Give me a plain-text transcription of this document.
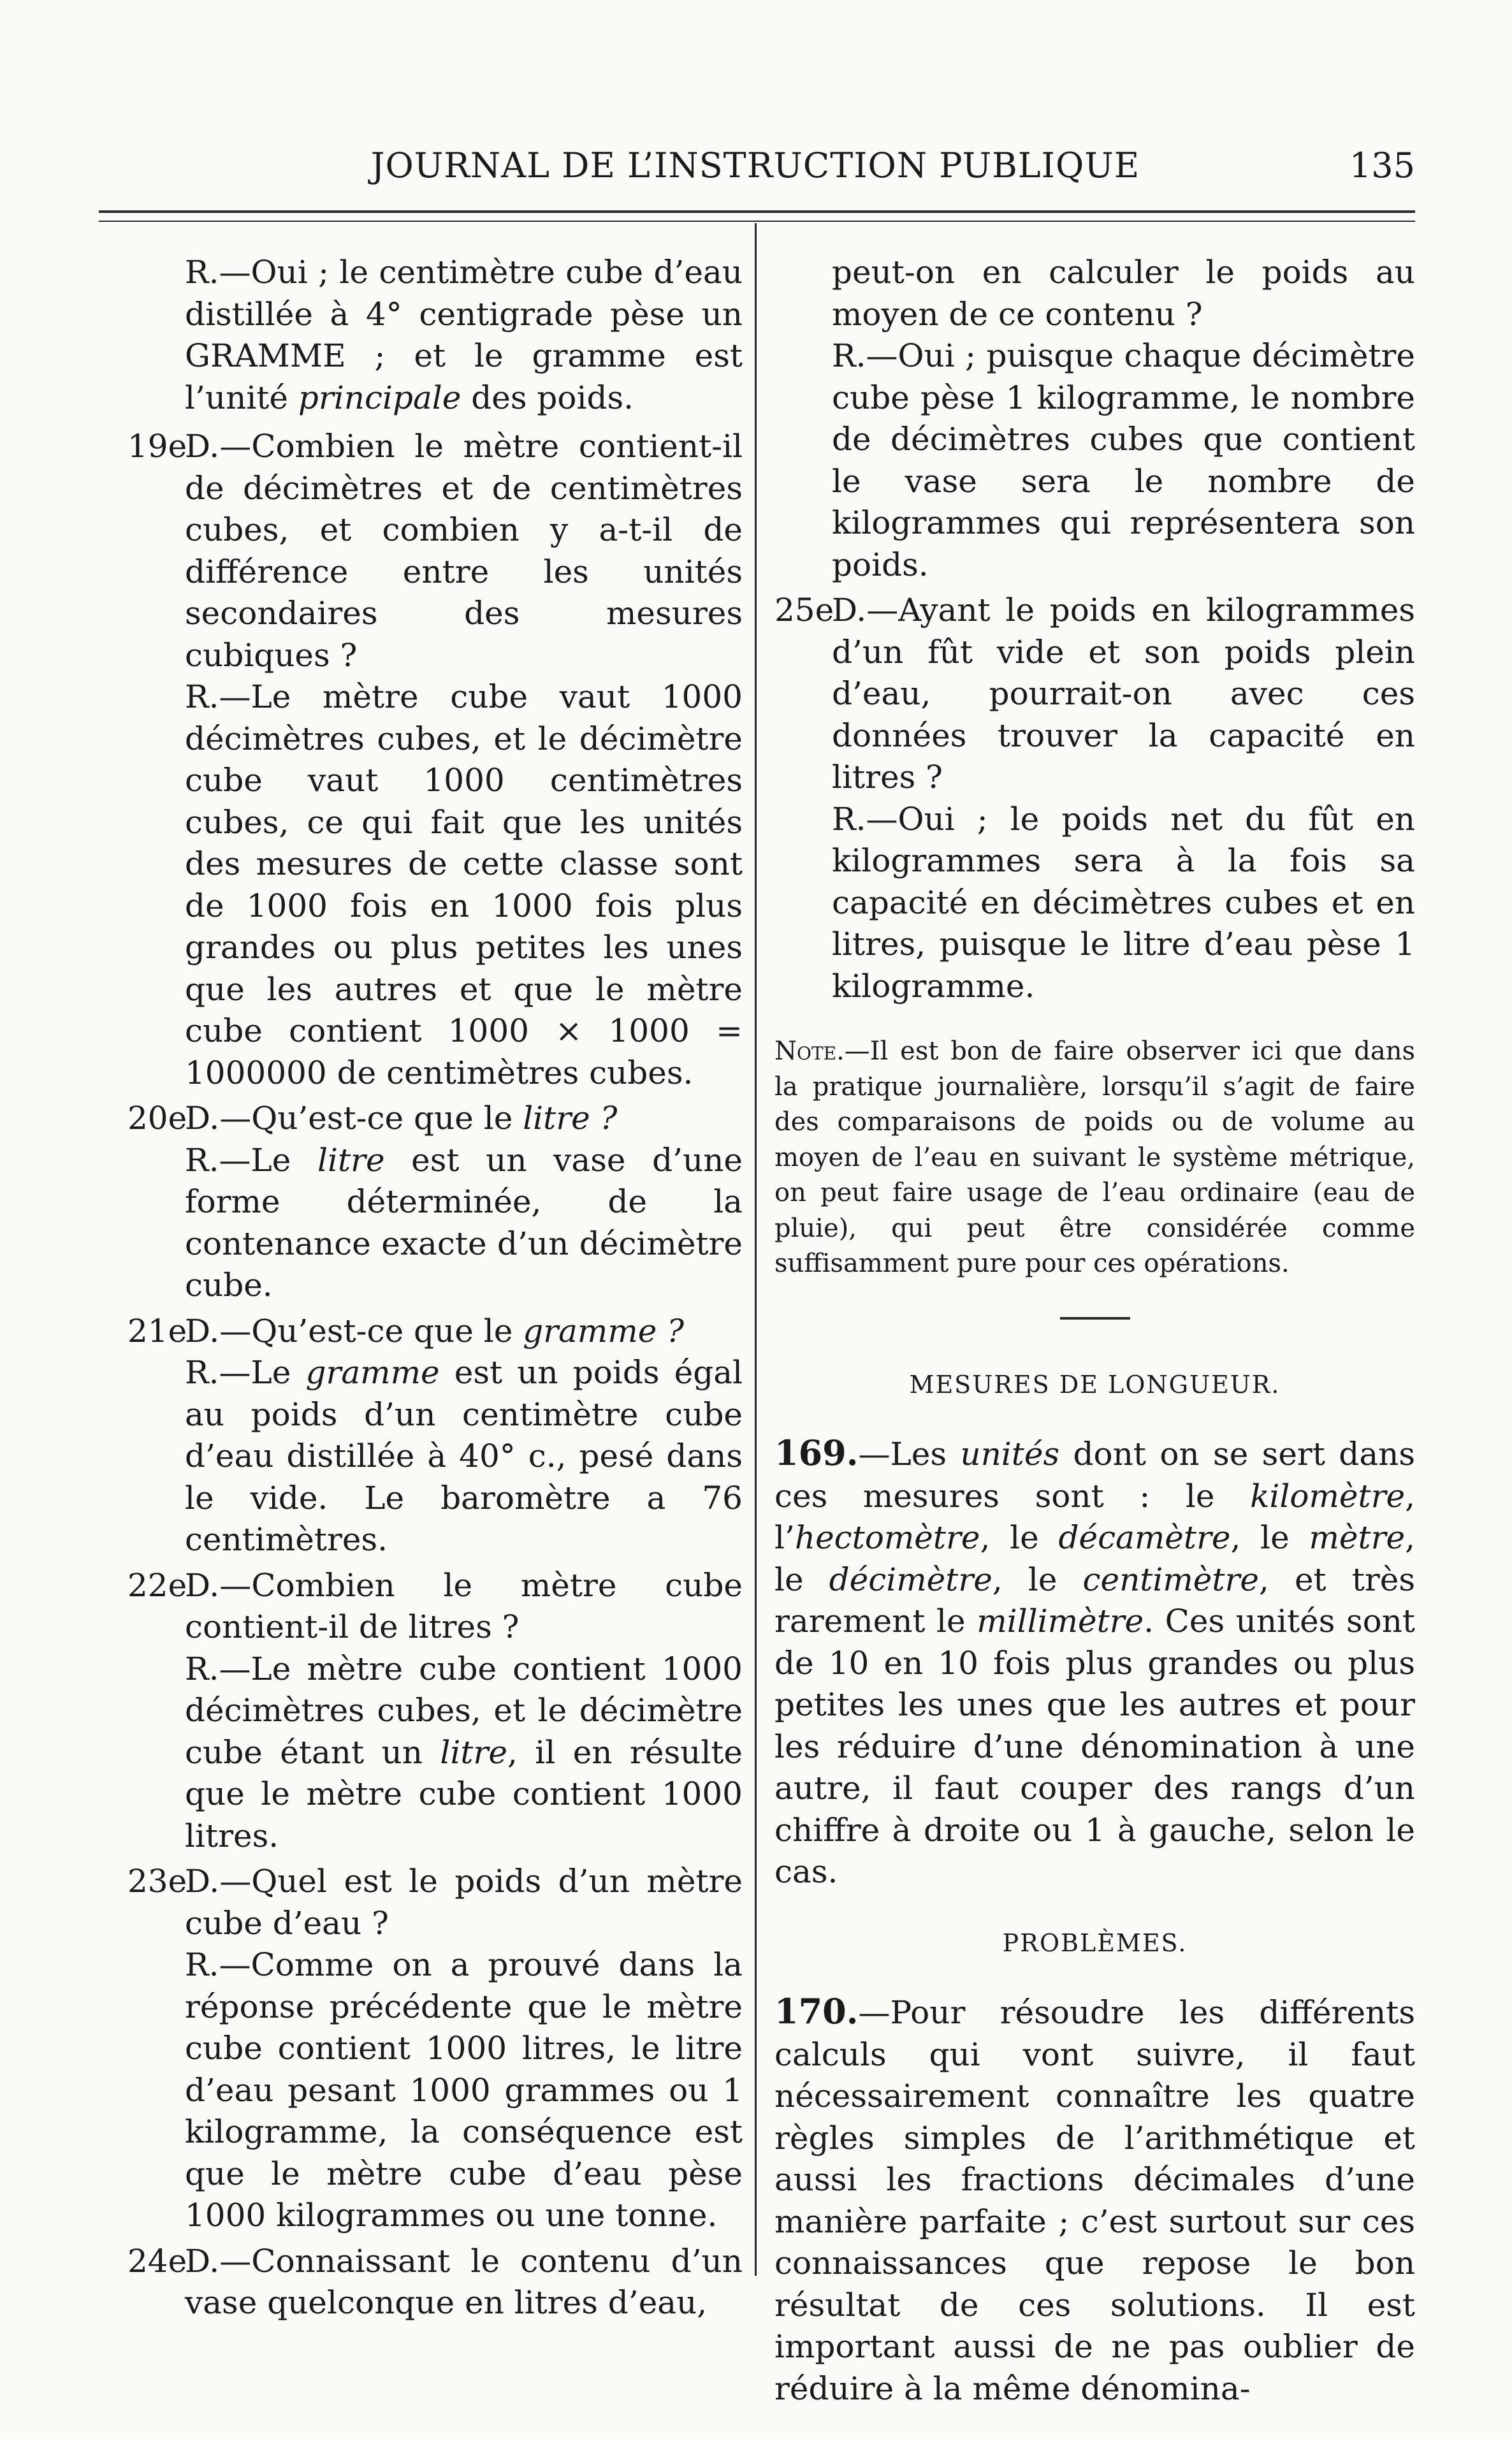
JOURNAL DE L’INSTRUCTION PUBLIQUE	135
R.—Oui ; le centimètre cube d’eau distillée à 4° centigrade pèse un GRAMME ; et le gramme est l’unité principale des poids.
19e
D.—Combien le mètre contient-il de décimètres et de centimètres cubes, et combien y a-t-il de différence entre les unités secondaires des mesures cubiques ?
R.—Le mètre cube vaut 1000 décimètres cubes, et le décimètre cube vaut 1000 centimètres cubes, ce qui fait que les unités des mesures de cette classe sont de 1000 fois en 1000 fois plus grandes ou plus petites les unes que les autres et que le mètre cube contient 1000 × 1000 = 1000000 de centimètres cubes.
20e
D.—Qu’est-ce que le litre ?
R.—Le litre est un vase d’une forme déterminée, de la contenance exacte d’un décimètre cube.
21e
D.—Qu’est-ce que le gramme ?
R.—Le gramme est un poids égal au poids d’un centimètre cube d’eau distillée à 40° c., pesé dans le vide. Le baromètre a 76 centimètres.
22e
D.—Combien le mètre cube contient-il de litres ?
R.—Le mètre cube contient 1000 décimètres cubes, et le décimètre cube étant un litre, il en résulte que le mètre cube contient 1000 litres.
23e
D.—Quel est le poids d’un mètre cube d’eau ?
R.—Comme on a prouvé dans la réponse précédente que le mètre cube contient 1000 litres, le litre d’eau pesant 1000 grammes ou 1 kilogramme, la conséquence est que le mètre cube d’eau pèse 1000 kilogrammes ou une tonne.
24e
D.—Connaissant le contenu d’un vase quelconque en litres d’eau,
peut-on en calculer le poids au moyen de ce contenu ?
R.—Oui ; puisque chaque décimètre cube pèse 1 kilogramme, le nombre de décimètres cubes que contient le vase sera le nombre de kilogrammes qui représentera son poids.
25e
D.—Ayant le poids en kilogrammes d’un fût vide et son poids plein d’eau, pourrait-on avec ces données trouver la capacité en litres ?
R.—Oui ; le poids net du fût en kilogrammes sera à la fois sa capacité en décimètres cubes et en litres, puisque le litre d’eau pèse 1 kilogramme.
Note.—Il est bon de faire observer ici que dans la pratique journalière, lorsqu’il s’agit de faire des comparaisons de poids ou de volume au moyen de l’eau en suivant le système métrique, on peut faire usage de l’eau ordinaire (eau de pluie), qui peut être considérée comme suffisamment pure pour ces opérations.
MESURES DE LONGUEUR.
169.—Les unités dont on se sert dans ces mesures sont : le kilomètre, l’hectomètre, le décamètre, le mètre, le décimètre, le centimètre, et très rarement le millimètre. Ces unités sont de 10 en 10 fois plus grandes ou plus petites les unes que les autres et pour les réduire d’une dénomination à une autre, il faut couper des rangs d’un chiffre à droite ou 1 à gauche, selon le cas.
PROBLÈMES.
170.—Pour résoudre les différents calculs qui vont suivre, il faut nécessairement connaître les quatre règles simples de l’arithmétique et aussi les fractions décimales d’une manière parfaite ; c’est surtout sur ces connaissances que repose le bon résultat de ces solutions. Il est important aussi de ne pas oublier de réduire à la même dénomina-
